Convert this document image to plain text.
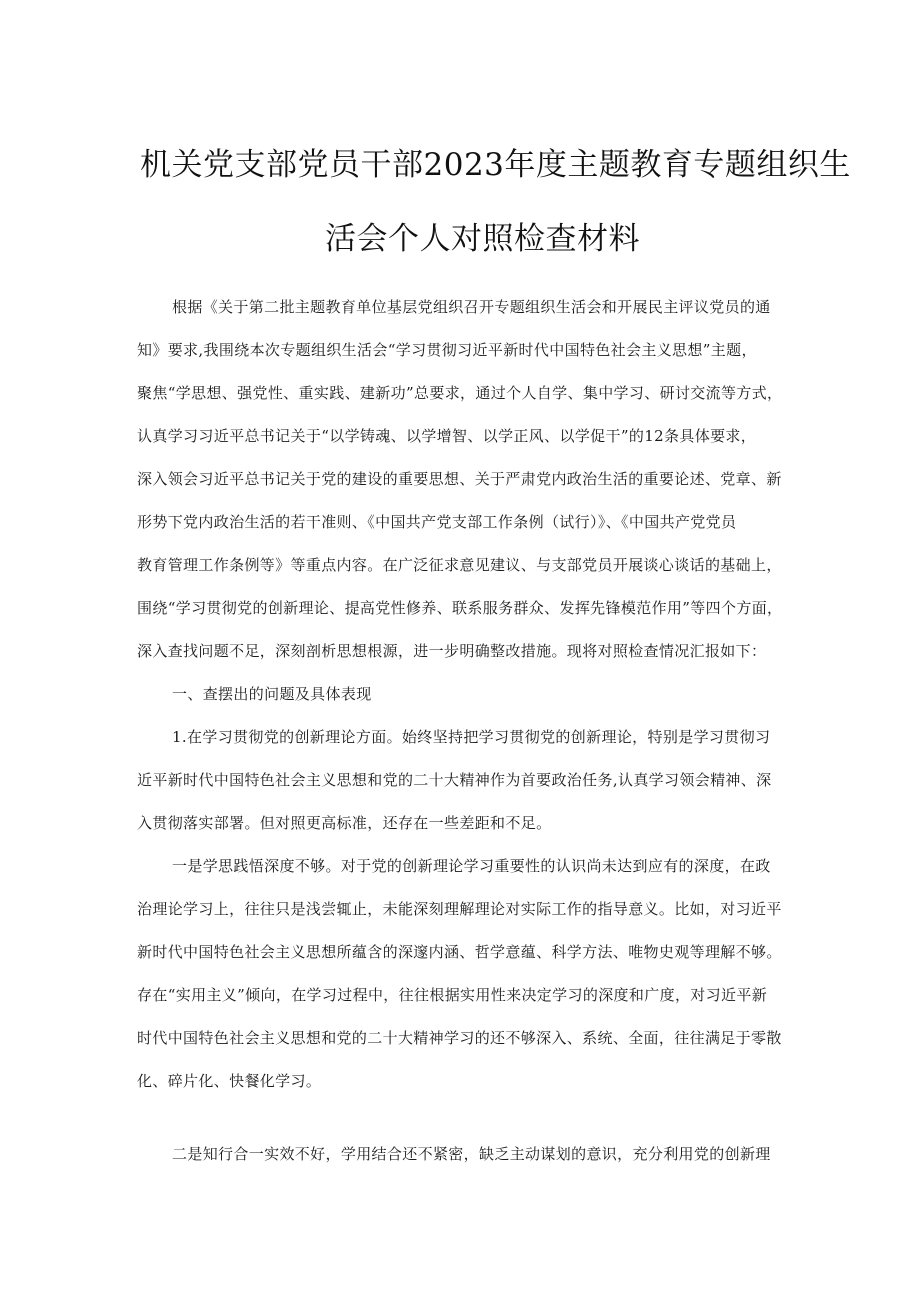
机关党支部党员干部2023年度主题教育专题组织生
活会个人对照检查材料
根据《关于第二批主题教育单位基层党组织召开专题组织生活会和开展民主评议党员的通
知》要求,我围绕本次专题组织生活会“学习贯彻习近平新时代中国特色社会主义思想”主题，
聚焦“学思想、强党性、重实践、建新功”总要求，通过个人自学、集中学习、研讨交流等方式，
认真学习习近平总书记关于“以学铸魂、以学增智、以学正风、以学促干”的12条具体要求，
深入领会习近平总书记关于党的建设的重要思想、关于严肃党内政治生活的重要论述、党章、新
形势下党内政治生活的若干准则、《中国共产党支部工作条例（试行）》、《中国共产党党员
教育管理工作条例等》等重点内容。在广泛征求意见建议、与支部党员开展谈心谈话的基础上，
围绕“学习贯彻党的创新理论、提高党性修养、联系服务群众、发挥先锋模范作用”等四个方面，
深入查找问题不足，深刻剖析思想根源，进一步明确整改措施。现将对照检查情况汇报如下：
一、查摆出的问题及具体表现
1.在学习贯彻党的创新理论方面。始终坚持把学习贯彻党的创新理论，特别是学习贯彻习
近平新时代中国特色社会主义思想和党的二十大精神作为首要政治任务,认真学习领会精神、深
入贯彻落实部署。但对照更高标准，还存在一些差距和不足。
一是学思践悟深度不够。对于党的创新理论学习重要性的认识尚未达到应有的深度，在政
治理论学习上，往往只是浅尝辄止，未能深刻理解理论对实际工作的指导意义。比如，对习近平
新时代中国特色社会主义思想所蕴含的深邃内涵、哲学意蕴、科学方法、唯物史观等理解不够。
存在“实用主义”倾向，在学习过程中，往往根据实用性来决定学习的深度和广度，对习近平新
时代中国特色社会主义思想和党的二十大精神学习的还不够深入、系统、全面，往往满足于零散
化、碎片化、快餐化学习。
二是知行合一实效不好，学用结合还不紧密，缺乏主动谋划的意识，充分利用党的创新理
